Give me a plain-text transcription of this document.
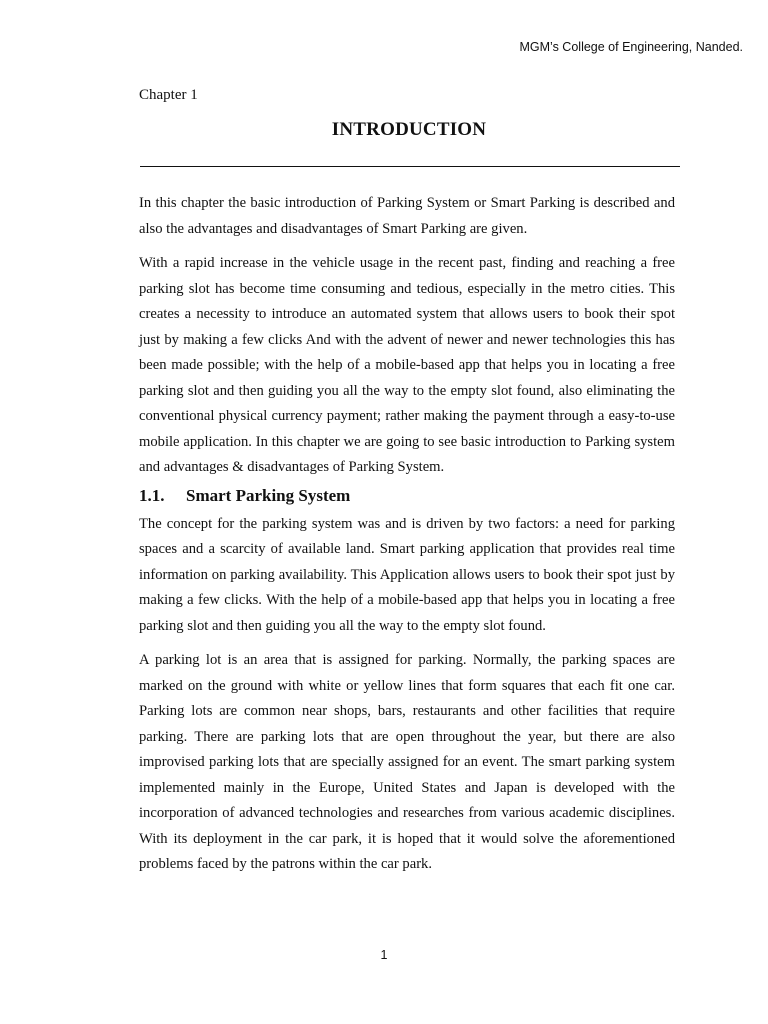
MGM’s College of Engineering, Nanded.
Chapter 1
INTRODUCTION

In this chapter the basic introduction of Parking System or Smart Parking is described and also the advantages and disadvantages of Smart Parking are given.

With a rapid increase in the vehicle usage in the recent past, finding and reaching a free parking slot has become time consuming and tedious, especially in the metro cities. This creates a necessity to introduce an automated system that allows users to book their spot just by making a few clicks And with the advent of newer and newer technologies this has been made possible; with the help of a mobile-based app that helps you in locating a free parking slot and then guiding you all the way to the empty slot found, also eliminating the conventional physical currency payment; rather making the payment through a easy-to-use mobile application. In this chapter we are going to see basic introduction to Parking system and advantages & disadvantages of Parking System.

1.1. Smart Parking System

The concept for the parking system was and is driven by two factors: a need for parking spaces and a scarcity of available land. Smart parking application that provides real time information on parking availability. This Application allows users to book their spot just by making a few clicks. With the help of a mobile-based app that helps you in locating a free parking slot and then guiding you all the way to the empty slot found.

A parking lot is an area that is assigned for parking. Normally, the parking spaces are marked on the ground with white or yellow lines that form squares that each fit one car. Parking lots are common near shops, bars, restaurants and other facilities that require parking. There are parking lots that are open throughout the year, but there are also improvised parking lots that are specially assigned for an event. The smart parking system implemented mainly in the Europe, United States and Japan is developed with the incorporation of advanced technologies and researches from various academic disciplines. With its deployment in the car park, it is hoped that it would solve the aforementioned problems faced by the patrons within the car park.

1
